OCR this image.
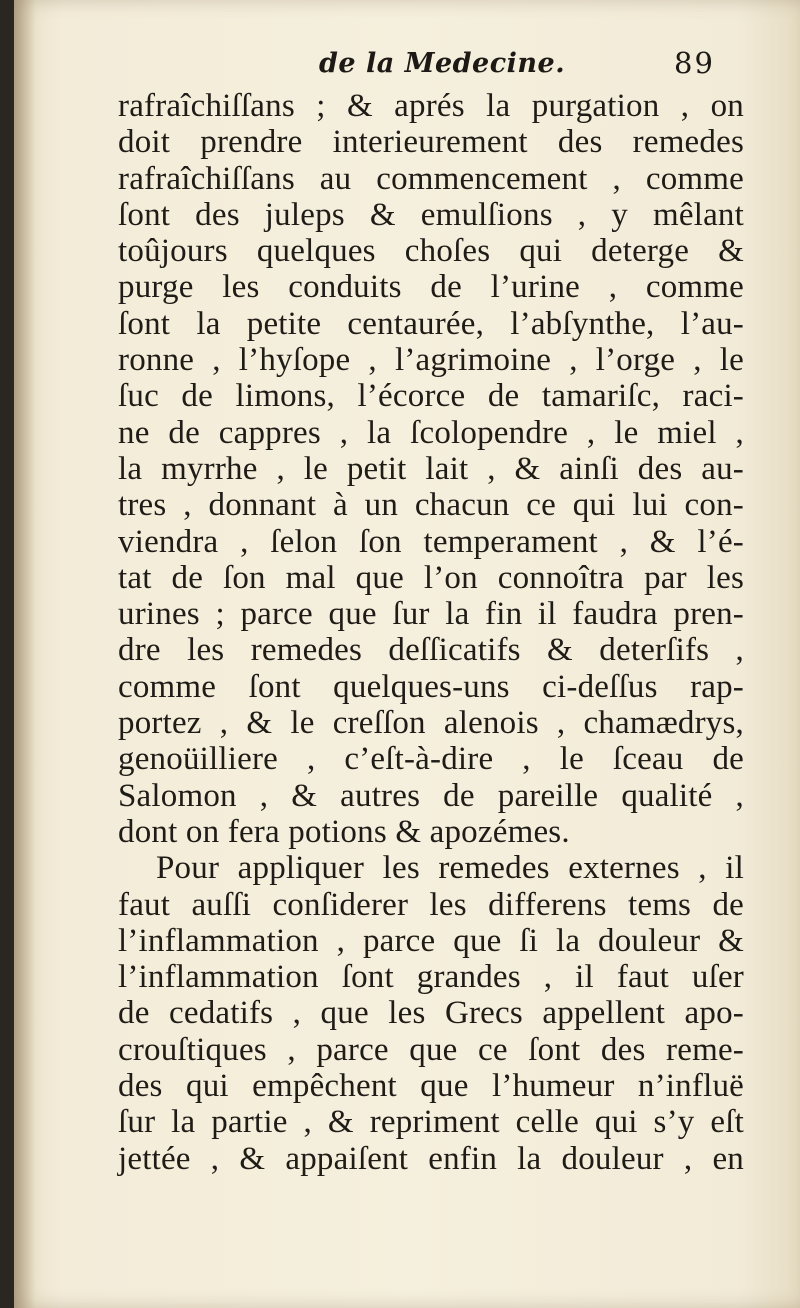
de la Medecine.	89
rafraîchiſſans ; & aprés la purgation , on
doit prendre interieurement des remedes
rafraîchiſſans au commencement , comme
ſont des juleps & emulſions , y mêlant
toûjours quelques choſes qui deterge &
purge les conduits de l’urine , comme
ſont la petite centaurée, l’abſynthe, l’au-
ronne , l’hyſope , l’agrimoine , l’orge , le
ſuc de limons, l’écorce de tamariſc, raci-
ne de cappres , la ſcolopendre , le miel ,
la myrrhe , le petit lait , & ainſi des au-
tres , donnant à un chacun ce qui lui con-
viendra , ſelon ſon temperament , & l’é-
tat de ſon mal que l’on connoîtra par les
urines ; parce que ſur la fin il faudra pren-
dre les remedes deſſicatifs & deterſifs ,
comme ſont quelques-uns ci-deſſus rap-
portez , & le creſſon alenois , chamædrys,
genoüilliere , c’eſt-à-dire , le ſceau de
Salomon , & autres de pareille qualité ,
dont on fera potions & apozémes.
Pour appliquer les remedes externes , il
faut auſſi conſiderer les differens tems de
l’inflammation , parce que ſi la douleur &
l’inflammation ſont grandes , il faut uſer
de cedatifs , que les Grecs appellent apo-
crouſtiques , parce que ce ſont des reme-
des qui empêchent que l’humeur n’influë
ſur la partie , & repriment celle qui s’y eſt
jettée , & appaiſent enfin la douleur , en
